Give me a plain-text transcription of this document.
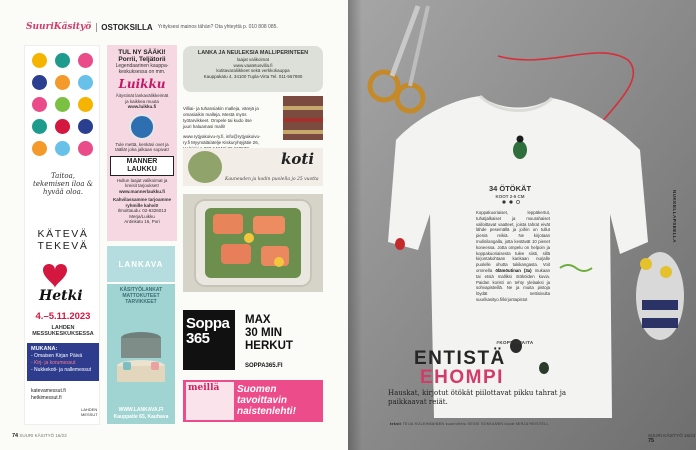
SuuriKäsityö	OSTOKSILLA Yrityksesi mainos tähän? Ota yhteyttä p. 010 808 085.
Taitoa, tekemisen iloa & hyvää oloa.
KÄTEVÄ
TEKEVÄ
Hetki
4.–5.11.2023
LAHDEN MESSUKESKUKSESSA
MUKANA:
- Omaisen Kirjan Päivä
- Kirj- ja korumessut
- Nukkekoti- ja nallemessut
katevamessut.fi
hetkimessut.fi
LAHDEN MESSUT
TUL NY SÄÄKI!
Porrii, Teljätorii
Legendaarinen kauppa-
keskuksessa on mm.
Luikku
Äitystinät lankavälikkeimät
ja kaikkea muuta
www.luikku.fi
Tule mettä, kenkäsi ovet ja
täällä! joka jalkaan sopivat!
MANNER LAUKKU
Hullun laajat valikoimat ja
kreisit tarjoukset!
www.mannerlaukku.fi
Kahvilassamme tarjoamme
ryhmille kahvit!
Ilmoittaudu: 02-6326013
Merja/Luikku
Antinkatu 16, Pori
LANKAVA
KÄSITYÖLANKAT
MATTOKUTEET
TARVIKKEET
WWW.LANKAVA.FI
Kauppatie 65, Kauhava
LANKA JA NEULEKSIA MALLIPERINTEEN
laajat valikoimat
www.vaatetusvilla.fi
kotitavaraliikkeet sekä verkkokauppa
Kauppakatu 4, 34100 Tupla-Virta Tel. 011-567890

Villiai- ja tuhansiakin malleja, värejä ja omasiaikin malleja. Mestä myös työtarvikkeet. Ompele tai kudo itse juuri haluamasi malli!

www.rytjyakoivu-ry.fi, info@rytjyakoivu-ry.fi Myymälä/atelje Kiskuryhtyjätie 26,

koti
Kauneuden ja kodin puolella jo 25 vuotta
Soppa 365
MAX
30 MIN
HERKUT
SOPPA365.FI
meillä	Suomen tavoittavin naistenlehti!
74 SUURI KÄSITYÖ 16/23
NUKKELLAPSEELLA
34 ÖTÖKÄT
KOOT 2-5 CM
Koppakuoriaiset, leppäkertut, tuhatjalkaiset ja muurahaiset valloittavat vaatteet, joista tahrat eivät lähde pesemällä ja joihin on tullut pieniä reikiä. Ne kirjotaan mulinilangalla, jotta kestävät 10 pienet koneessa. Jotta ompelu on helpoin ja koppakuoriaisesta tulee siisti, sillä kirjontakohtaan kankaan nurjalle puolelle ohutta tukikangasta. Voit ommella ölämöutinan (3a) mukaan tai etsiä malliksi ötököiden kuvia. Paidan koristi on tehty ylelaaksi ja sohvapisteillä. Ne ja muita pistoja löydät nettisivulta suurikasityo.fi/kirjontapistot
#KOPPISPAITA
ENTISTÄ
EHOMPI
Hauskat, kirjotut ötökät piilottavat pikku tahrat ja paikkaavat reiät.
teksti TEIJA KOLEHMAINEN suunnittelu SESSI SOKKANEN kuvat MIRJA HEISTELL
SUURI KÄSITYÖ 16/23 75
